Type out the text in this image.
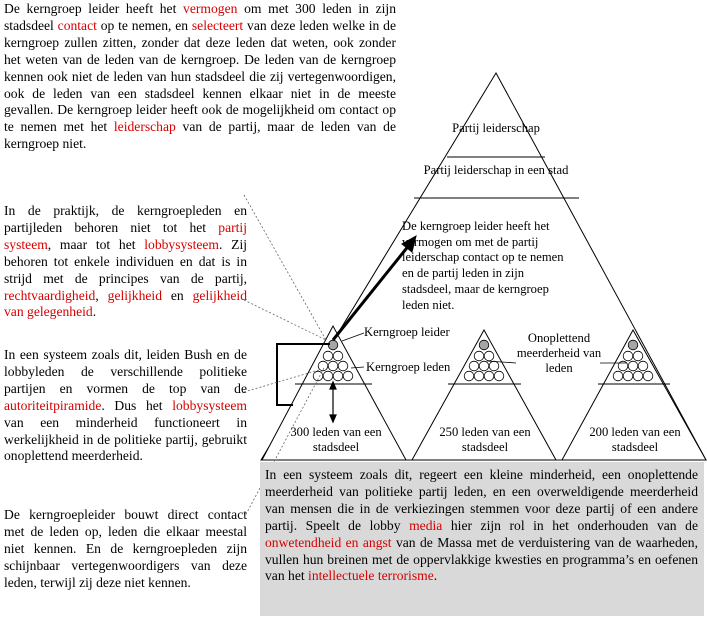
De kerngroep leider heeft het vermogen om met 300 leden in zijn stadsdeel contact op te nemen, en selecteert van deze leden welke in de kerngroep zullen zitten, zonder dat deze leden dat weten, ook zonder het weten van de leden van de kerngroep. De leden van de kerngroep kennen ook niet de leden van hun stadsdeel die zij vertegenwoordigen, ook de leden van een stadsdeel kennen elkaar niet in de meeste gevallen. De kerngroep leider heeft ook de mogelijkheid om contact op te nemen met het leiderschap van de partij, maar de leden van de kerngroep niet.

In de praktijk, de kerngroepleden en partijleden behoren niet tot het partij systeem, maar tot het lobbysysteem. Zij behoren tot enkele individuen en dat is in strijd met de principes van de partij, rechtvaardigheid, gelijkheid en gelijkheid van gelegenheid.

In een systeem zoals dit, leiden Bush en de lobbyleden de verschillende politieke partijen en vormen de top van de autoriteitpiramide. Dus het lobbysysteem van een minderheid functioneert in werkelijkheid in de politieke partij, gebruikt onoplettend meerderheid.

De kerngroepleider bouwt direct contact met de leden op, leden die elkaar meestal niet kennen. En de kerngroepleden zijn schijnbaar vertegenwoordigers van deze leden, terwijl zij deze niet kennen.

Partij leiderschap
Partij leiderschap in een stad
De kerngroep leider heeft het vermogen om met de partij leiderschap contact op te nemen en de partij leden in zijn stadsdeel, maar de kerngroep leden niet.
Kerngroep leider
Kerngroep leden
Onoplettend meerderheid van leden
300 leden van een stadsdeel
250 leden van een stadsdeel
200 leden van een stadsdeel
In een systeem zoals dit, regeert een kleine minderheid, een onoplettende meerderheid van politieke partij leden, en een overweldigende meerderheid van mensen die in de verkiezingen stemmen voor deze partij of een andere partij. Speelt de lobby media hier zijn rol in het onderhouden van de onwetendheid en angst van de Massa met de verduistering van de waarheden, vullen hun breinen met de oppervlakkige kwesties en programma’s en oefenen van het intellectuele terrorisme.
